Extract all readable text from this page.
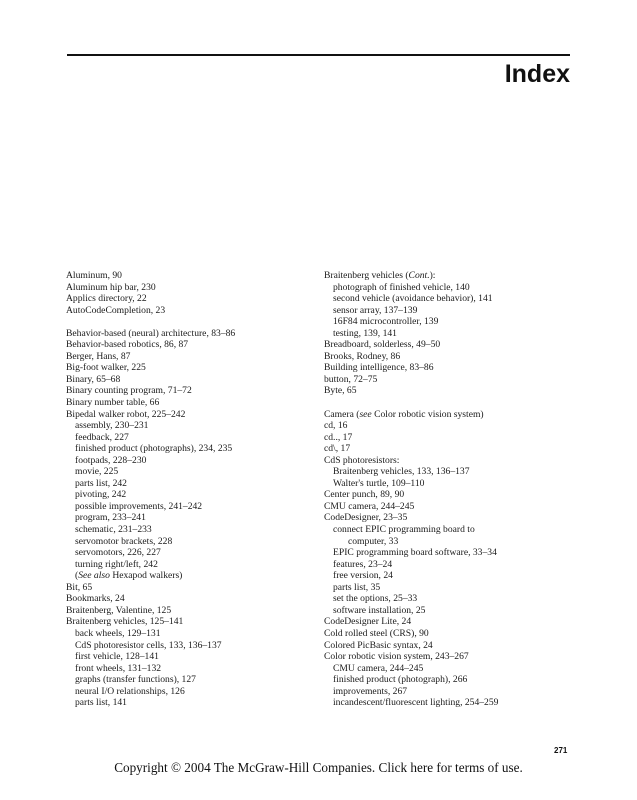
Index

Aluminum, 90

Aluminum hip bar, 230

Applics directory, 22

AutoCodeCompletion, 23

Behavior-based (neural) architecture, 83–86

Behavior-based robotics, 86, 87

Berger, Hans, 87

Big-foot walker, 225

Binary, 65–68

Binary counting program, 71–72

Binary number table, 66

Bipedal walker robot, 225–242

assembly, 230–231

feedback, 227

finished product (photographs), 234, 235

footpads, 228–230

movie, 225

parts list, 242

pivoting, 242

possible improvements, 241–242

program, 233–241

schematic, 231–233

servomotor brackets, 228

servomotors, 226, 227

turning right/left, 242

(See also Hexapod walkers)

Bit, 65

Bookmarks, 24

Braitenberg, Valentine, 125

Braitenberg vehicles, 125–141

back wheels, 129–131

CdS photoresistor cells, 133, 136–137

first vehicle, 128–141

front wheels, 131–132

graphs (transfer functions), 127

neural I/O relationships, 126

parts list, 141

Braitenberg vehicles (Cont.):

photograph of finished vehicle, 140

second vehicle (avoidance behavior), 141

sensor array, 137–139

16F84 microcontroller, 139

testing, 139, 141

Breadboard, solderless, 49–50

Brooks, Rodney, 86

Building intelligence, 83–86

button, 72–75

Byte, 65

Camera (see Color robotic vision system)

cd, 16

cd.., 17

cd\, 17

CdS photoresistors:

Braitenberg vehicles, 133, 136–137

Walter's turtle, 109–110

Center punch, 89, 90

CMU camera, 244–245

CodeDesigner, 23–35

connect EPIC programming board to

computer, 33

EPIC programming board software, 33–34

features, 23–24

free version, 24

parts list, 35

set the options, 25–33

software installation, 25

CodeDesigner Lite, 24

Cold rolled steel (CRS), 90

Colored PicBasic syntax, 24

Color robotic vision system, 243–267

CMU camera, 244–245

finished product (photograph), 266

improvements, 267

incandescent/fluorescent lighting, 254–259

271
Copyright © 2004 The McGraw-Hill Companies. Click here for terms of use.
